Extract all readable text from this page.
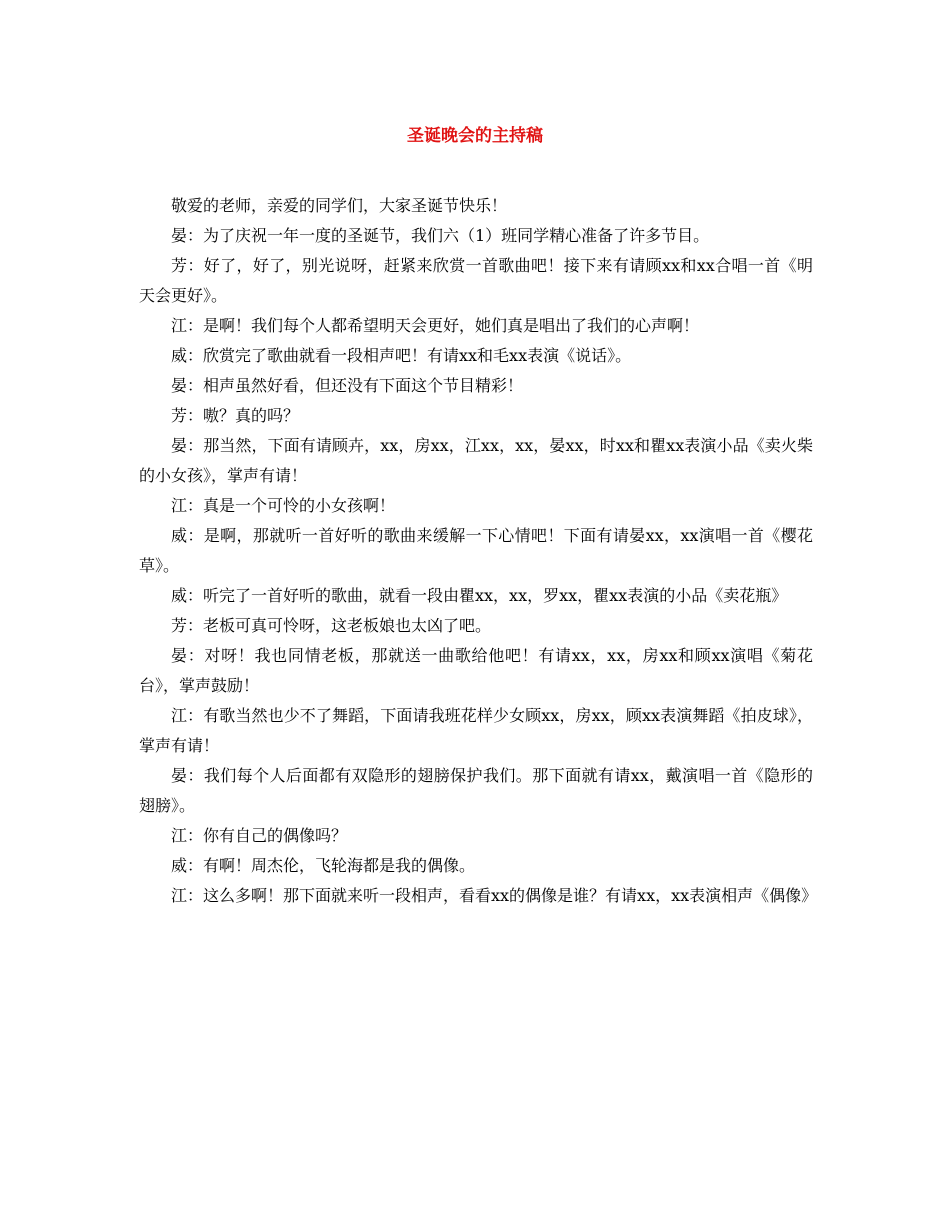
圣诞晚会的主持稿

敬爱的老师，亲爱的同学们，大家圣诞节快乐！

晏：为了庆祝一年一度的圣诞节，我们六（1）班同学精心准备了许多节目。

芳：好了，好了，别光说呀，赶紧来欣赏一首歌曲吧！接下来有请顾xx和xx合唱一首《明天会更好》。

江：是啊！我们每个人都希望明天会更好，她们真是唱出了我们的心声啊！

威：欣赏完了歌曲就看一段相声吧！有请xx和毛xx表演《说话》。

晏：相声虽然好看，但还没有下面这个节目精彩！

芳：嗷？真的吗？

晏：那当然，下面有请顾卉，xx，房xx，江xx，xx，晏xx，时xx和瞿xx表演小品《卖火柴的小女孩》，掌声有请！

江：真是一个可怜的小女孩啊！

威：是啊，那就听一首好听的歌曲来缓解一下心情吧！下面有请晏xx，xx演唱一首《樱花草》。

威：听完了一首好听的歌曲，就看一段由瞿xx，xx，罗xx，瞿xx表演的小品《卖花瓶》

芳：老板可真可怜呀，这老板娘也太凶了吧。

晏：对呀！我也同情老板，那就送一曲歌给他吧！有请xx，xx，房xx和顾xx演唱《菊花台》，掌声鼓励！

江：有歌当然也少不了舞蹈，下面请我班花样少女顾xx，房xx，顾xx表演舞蹈《拍皮球》，掌声有请！

晏：我们每个人后面都有双隐形的翅膀保护我们。那下面就有请xx，戴演唱一首《隐形的翅膀》。

江：你有自己的偶像吗？

威：有啊！周杰伦，飞轮海都是我的偶像。

江：这么多啊！那下面就来听一段相声，看看xx的偶像是谁？有请xx，xx表演相声《偶像》
